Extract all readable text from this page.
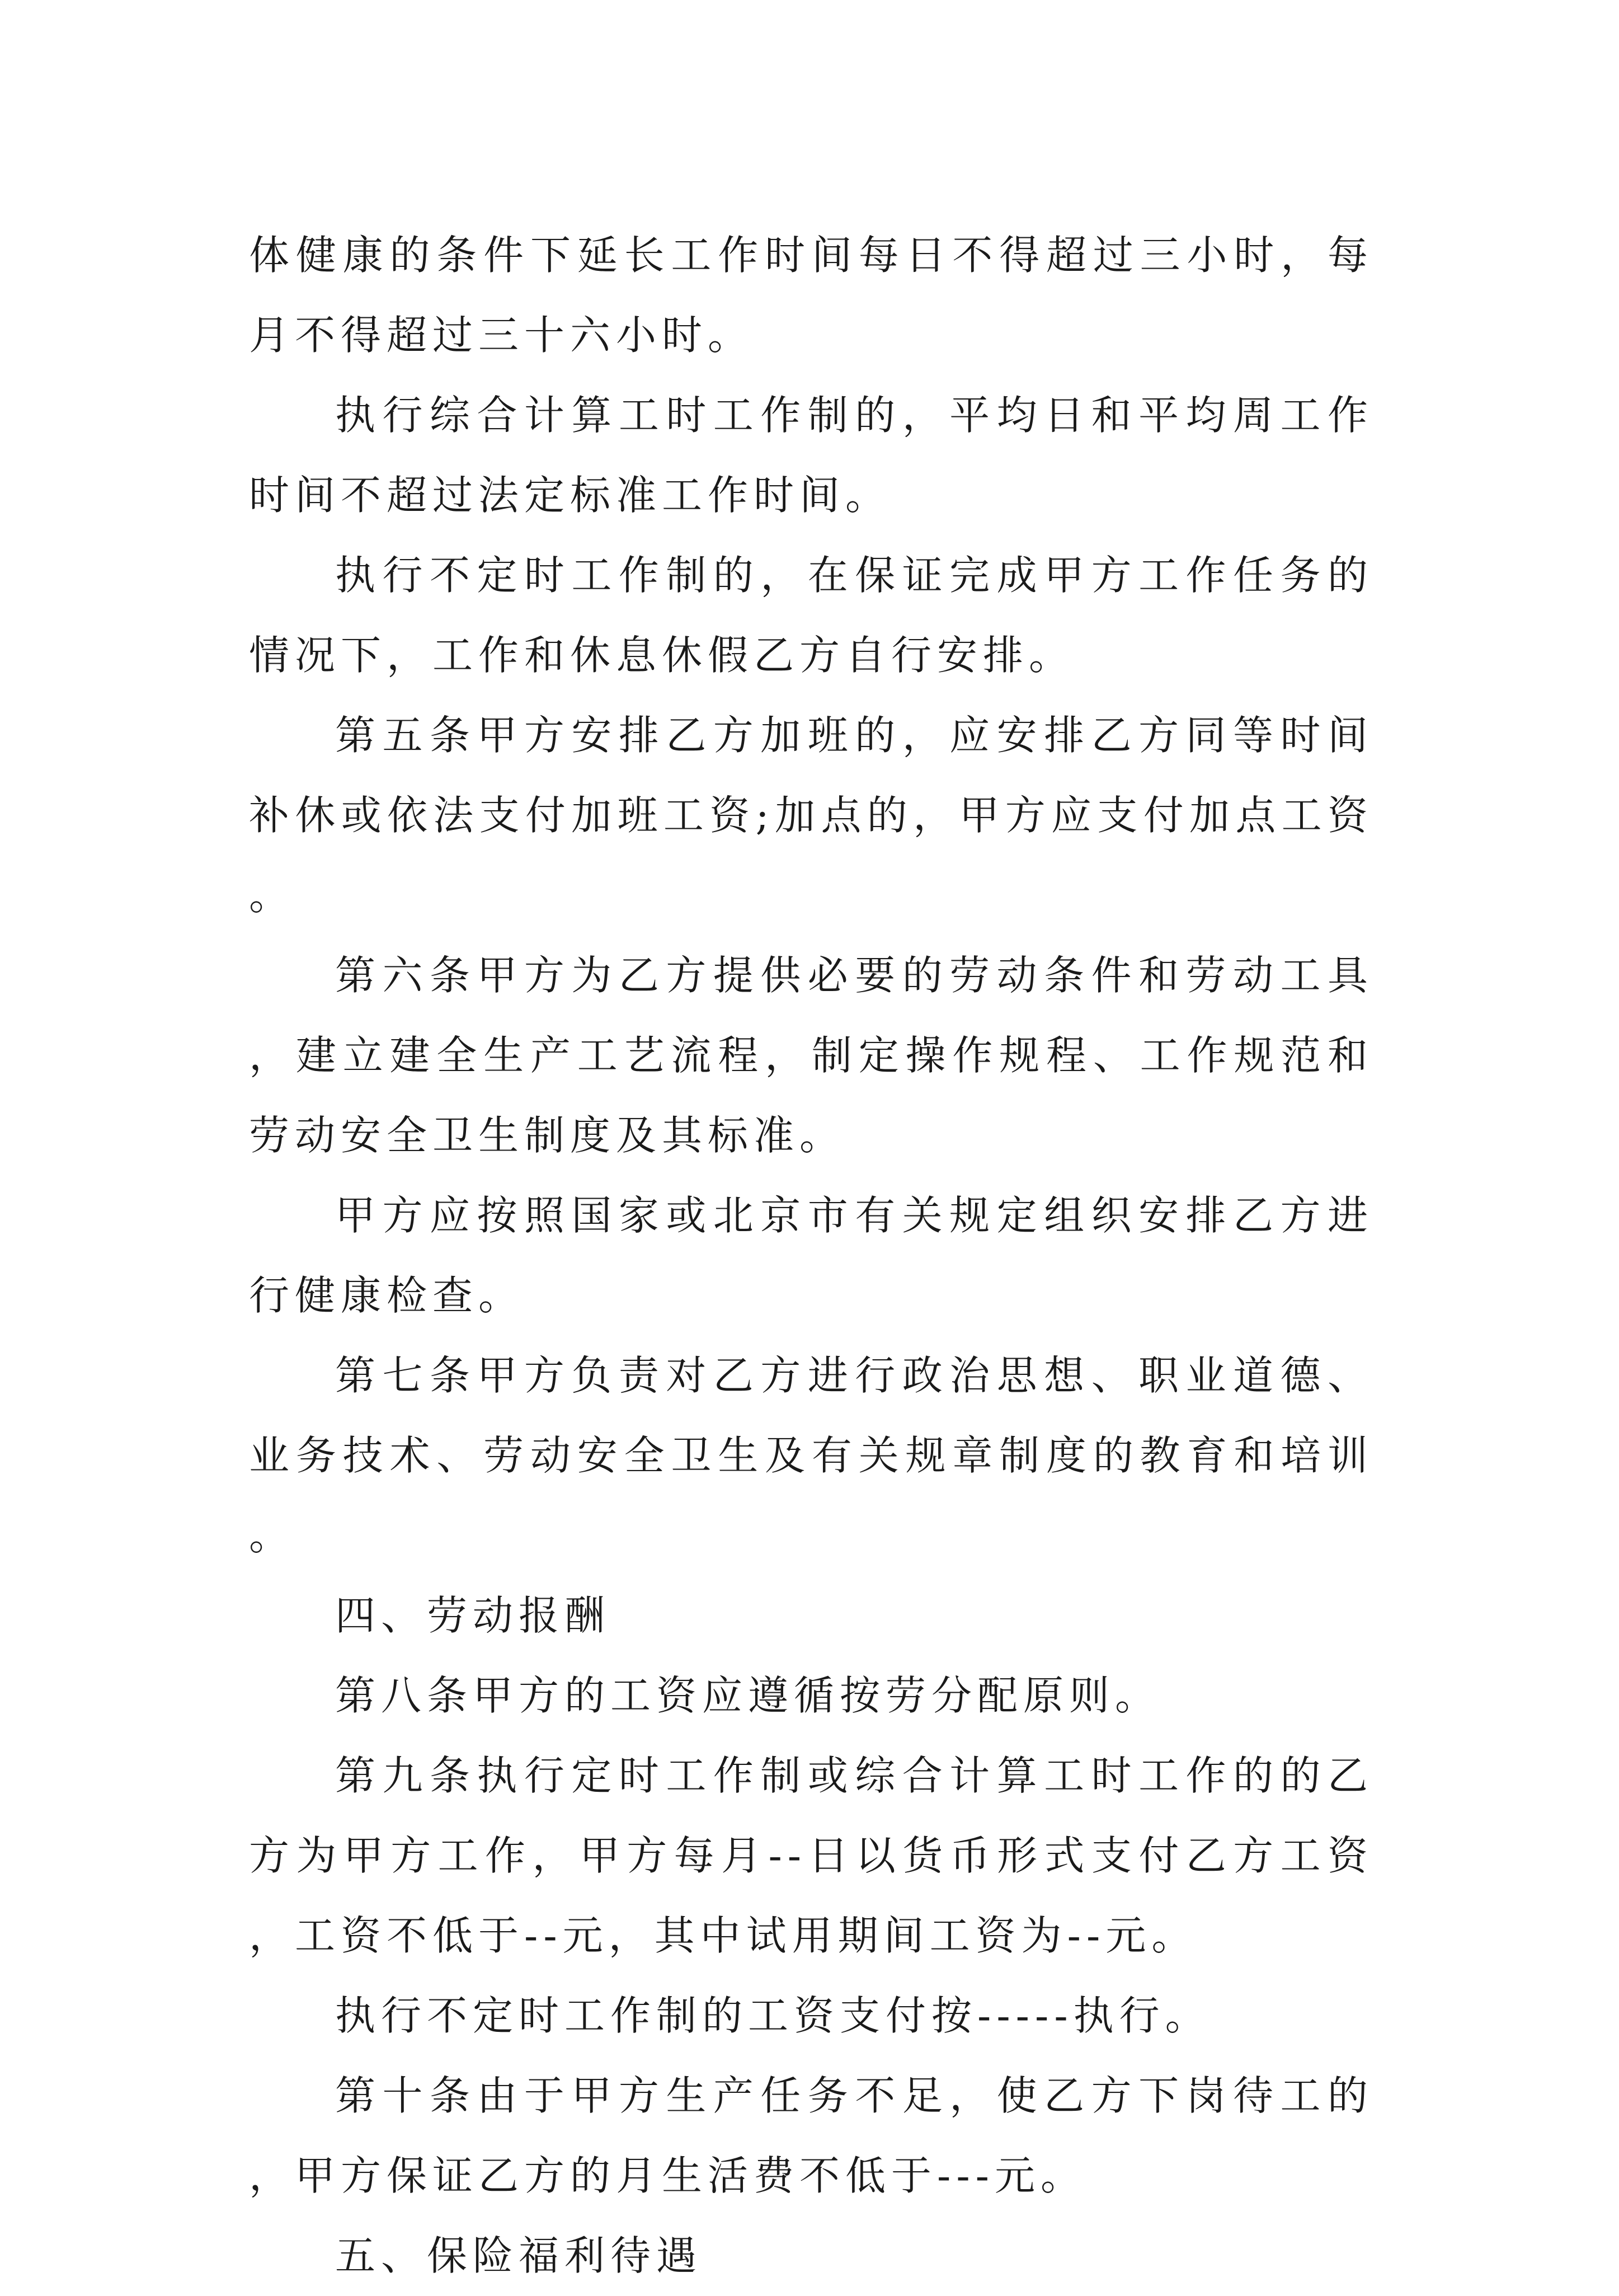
体健康的条件下延长工作时间每日不得超过三小时，每月不得超过三十六小时。

执行综合计算工时工作制的，平均日和平均周工作时间不超过法定标准工作时间。

执行不定时工作制的，在保证完成甲方工作任务的情况下，工作和休息休假乙方自行安排。

第五条甲方安排乙方加班的，应安排乙方同等时间补休或依法支付加班工资;加点的，甲方应支付加点工资。

第六条甲方为乙方提供必要的劳动条件和劳动工具，建立建全生产工艺流程，制定操作规程、工作规范和劳动安全卫生制度及其标准。

甲方应按照国家或北京市有关规定组织安排乙方进行健康检查。

第七条甲方负责对乙方进行政治思想、职业道德、业务技术、劳动安全卫生及有关规章制度的教育和培训。

四、劳动报酬

第八条甲方的工资应遵循按劳分配原则。

第九条执行定时工作制或综合计算工时工作的的乙方为甲方工作，甲方每月--日以货币形式支付乙方工资，工资不低于--元，其中试用期间工资为--元。

执行不定时工作制的工资支付按-----执行。

第十条由于甲方生产任务不足，使乙方下岗待工的，甲方保证乙方的月生活费不低于---元。

五、保险福利待遇
